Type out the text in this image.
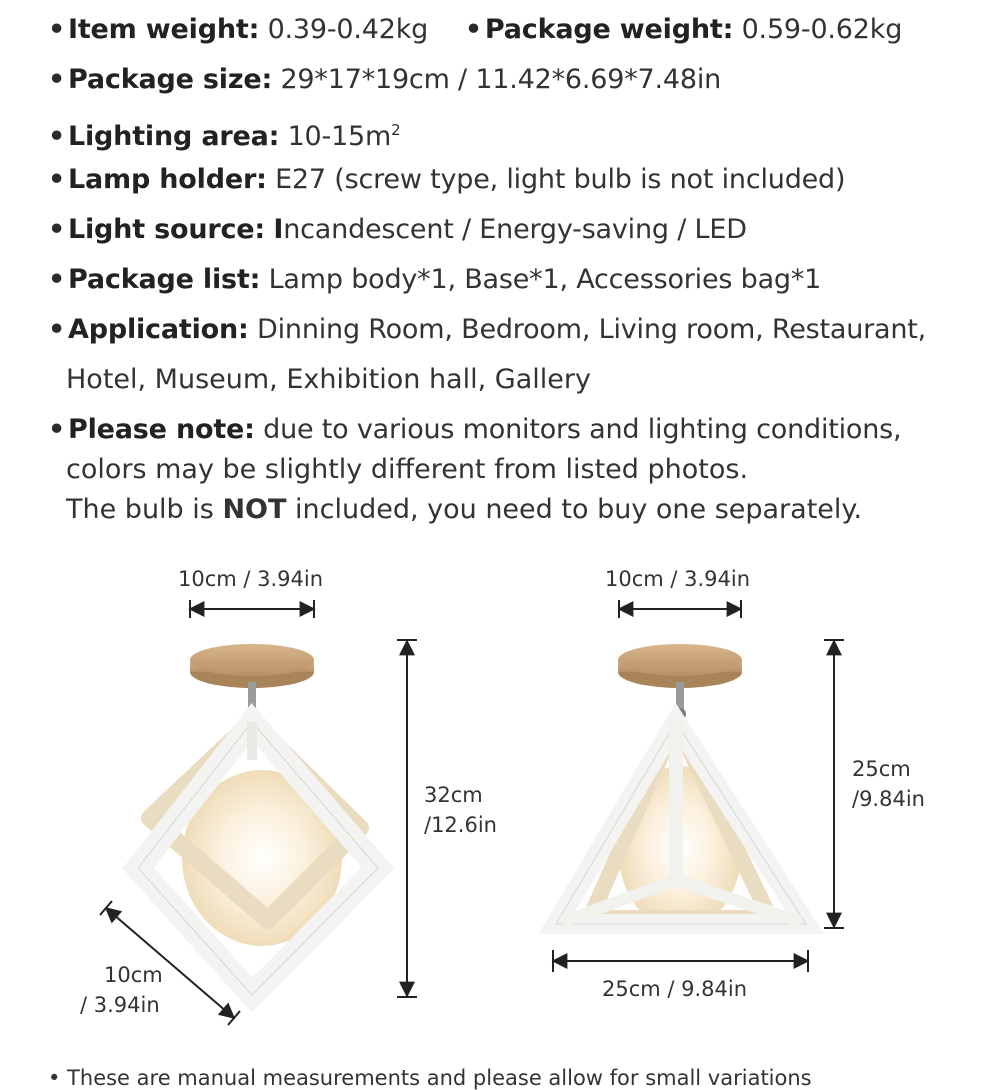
• Item weight: 0.39-0.42kg • Package weight: 0.59-0.62kg
• Package size: 29*17*19cm / 11.42*6.69*7.48in
• Lighting area: $10-15m^2$
• Lamp holder: E27 (screw type, light bulb is not included)
• Light source: Incandescent / Energy-saving / LED
• Package list: Lamp body*1, Base*1, Accessories bag*1
• Application: Dinning Room, Bedroom, Living room, Restaurant,
Hotel, Museum, Exhibition hall, Gallery
• Please note: due to various monitors and lighting conditions,
colors may be slightly different from listed photos.
The bulb is NOT included, you need to buy one separately.
10cm / 3.94in
32cm
/12.6in
10cm
/ 3.94in
10cm / 3.94in
25cm
/9.84in
25cm / 9.84in
• These are manual measurements and please allow for small variations
